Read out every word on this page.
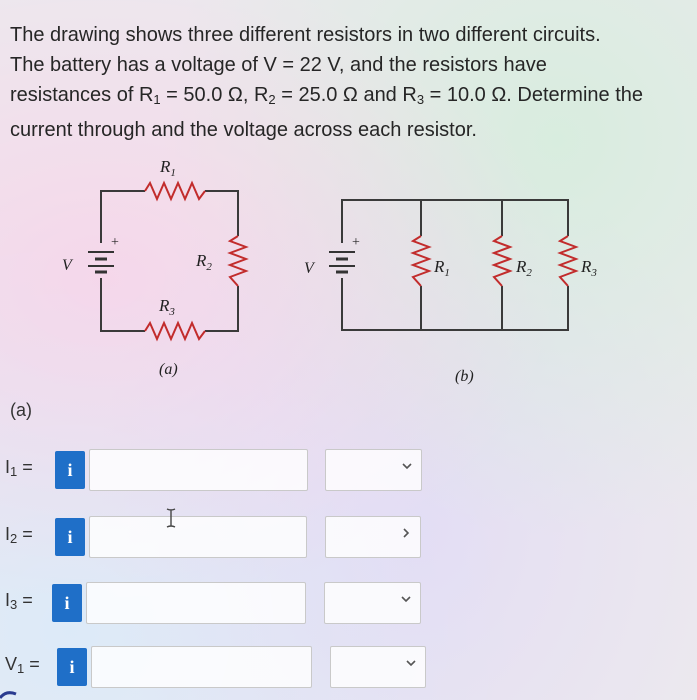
The drawing shows three different resistors in two different circuits.
The battery has a voltage of V = 22 V, and the resistors have
resistances of $R_1 = 50.0$ Ω, $R_2 = 25.0$ Ω and $R_3 = 10.0$ Ω. Determine the
current through and the voltage across each resistor.
+
V
$R_1$
$R_2$
$R_3$
(a)
+
V	$R_1$	$R_2$	$R_3$
(b)
(a)
$I_1$ =	i
$I_2$ =	i
$I_3$ =	i
$V_1$ =	i
